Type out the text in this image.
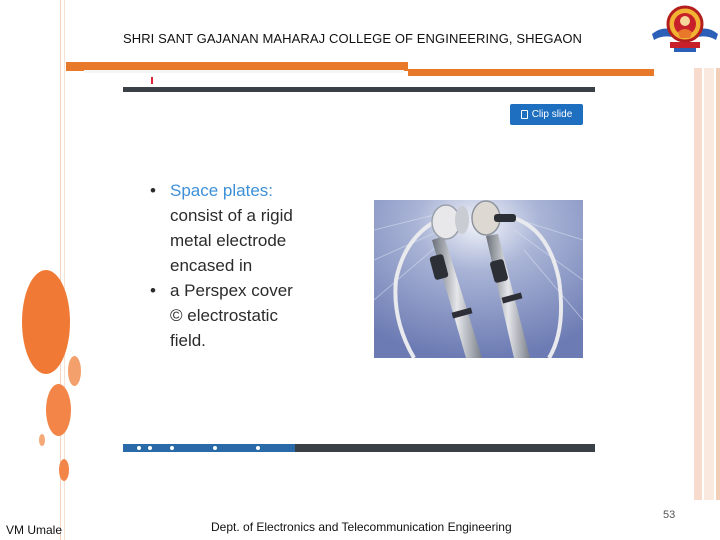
SHRI SANT GAJANAN MAHARAJ COLLEGE OF ENGINEERING, SHEGAON
Clip slide
• Space plates:
consist of a rigid
metal electrode
encased in
• a Perspex cover
© electrostatic
field.
VM Umale	Dept. of Electronics and Telecommunication Engineering
53
